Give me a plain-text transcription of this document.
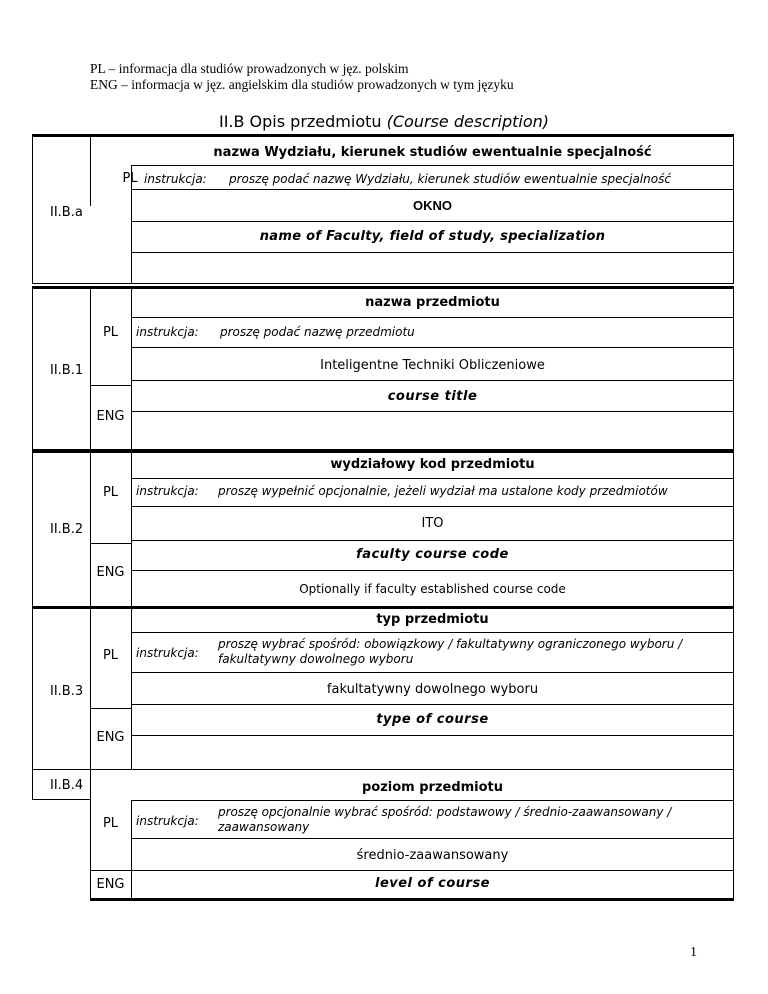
PL – informacja dla studiów prowadzonych w jęz. polskim
ENG – informacja w jęz. angielskim dla studiów prowadzonych w tym języku
II.B Opis przedmiotu (Course description)
PL
II.B.a
nazwa Wydziału, kierunek studiów ewentualnie specjalność
instrukcja: proszę podać nazwę Wydziału, kierunek studiów ewentualnie specjalność
OKNO
name of Faculty, field of study, specialization
PL
ENG
II.B.1
nazwa przedmiotu
instrukcja: proszę podać nazwę przedmiotu
Inteligentne Techniki Obliczeniowe
course title
PL
ENG
II.B.2
wydziałowy kod przedmiotu
instrukcja: proszę wypełnić opcjonalnie, jeżeli wydział ma ustalone kody przedmiotów
ITO
faculty course code
Optionally if faculty established course code
PL
ENG
II.B.3
typ przedmiotu
instrukcja:
proszę wybrać spośród: obowiązkowy / fakultatywny ograniczonego wyboru /
fakultatywny dowolnego wyboru
fakultatywny dowolnego wyboru
type of course
II.B.4
PL
ENG
poziom przedmiotu
instrukcja:
proszę opcjonalnie wybrać spośród: podstawowy / średnio-zaawansowany /
zaawansowany
średnio-zaawansowany
level of course
1
